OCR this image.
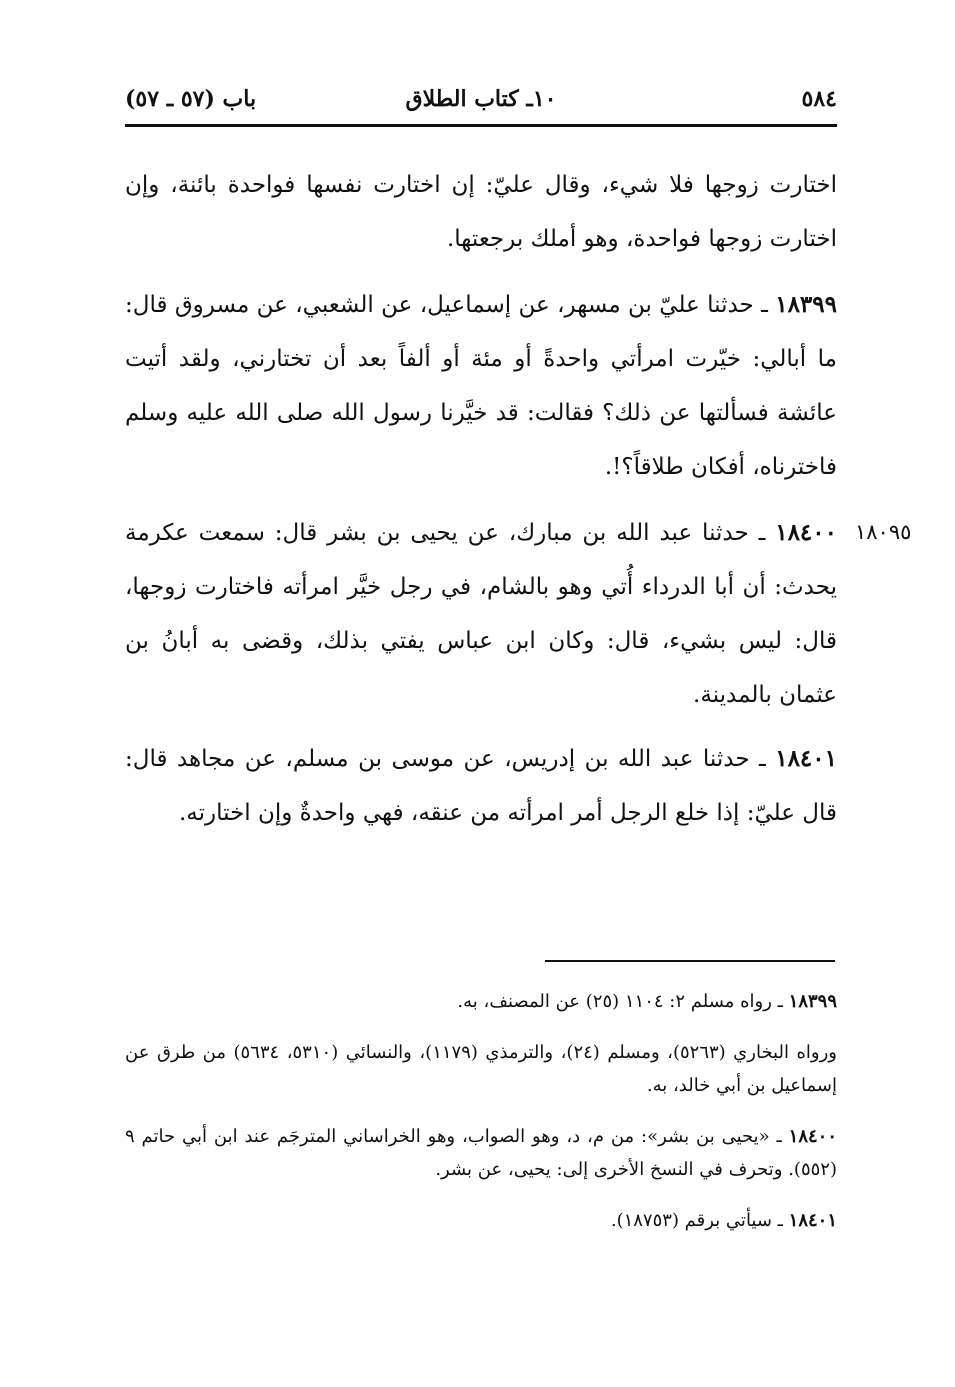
٥٨٤
١٠ـ كتاب الطلاق
باب (٥٧ ـ ٥٧)
اختارت زوجها فلا شيء، وقال عليّ: إن اختارت نفسها فواحدة بائنة، وإن اختارت زوجها فواحدة، وهو أملك برجعتها.
١٨٣٩٩ ـ حدثنا عليّ بن مسهر، عن إسماعيل، عن الشعبي، عن مسروق قال: ما أبالي: خيّرت امرأتي واحدةً أو مئة أو ألفاً بعد أن تختارني، ولقد أتيت عائشة فسألتها عن ذلك؟ فقالت: قد خيَّرنا رسول الله صلى الله عليه وسلم فاخترناه، أفكان طلاقاً؟!.
١٨٤٠٠ ـ حدثنا عبد الله بن مبارك، عن يحيى بن بشر قال: سمعت عكرمة يحدث: أن أبا الدرداء أُتي وهو بالشام، في رجل خيَّر امرأته فاختارت زوجها، قال: ليس بشيء، قال: وكان ابن عباس يفتي بذلك، وقضى به أبانُ بن عثمان بالمدينة.
١٨٤٠١ ـ حدثنا عبد الله بن إدريس، عن موسى بن مسلم، عن مجاهد قال: قال عليّ: إذا خلع الرجل أمر امرأته من عنقه، فهي واحدةٌ وإن اختارته.

١٨٣٩٩ ـ رواه مسلم ٢: ١١٠٤ (٢٥) عن المصنف، به.

ورواه البخاري (٥٢٦٣)، ومسلم (٢٤)، والترمذي (١١٧٩)، والنسائي (٥٣١٠، ٥٦٣٤) من طرق عن إسماعيل بن أبي خالد، به.

١٨٤٠٠ ـ «يحيى بن بشر»: من م، د، وهو الصواب، وهو الخراساني المترجَم عند ابن أبي حاتم ٩ (٥٥٢). وتحرف في النسخ الأخرى إلى: يحيى، عن بشر.

١٨٤٠١ ـ سيأتي برقم (١٨٧٥٣).

١٨٠٩٥
